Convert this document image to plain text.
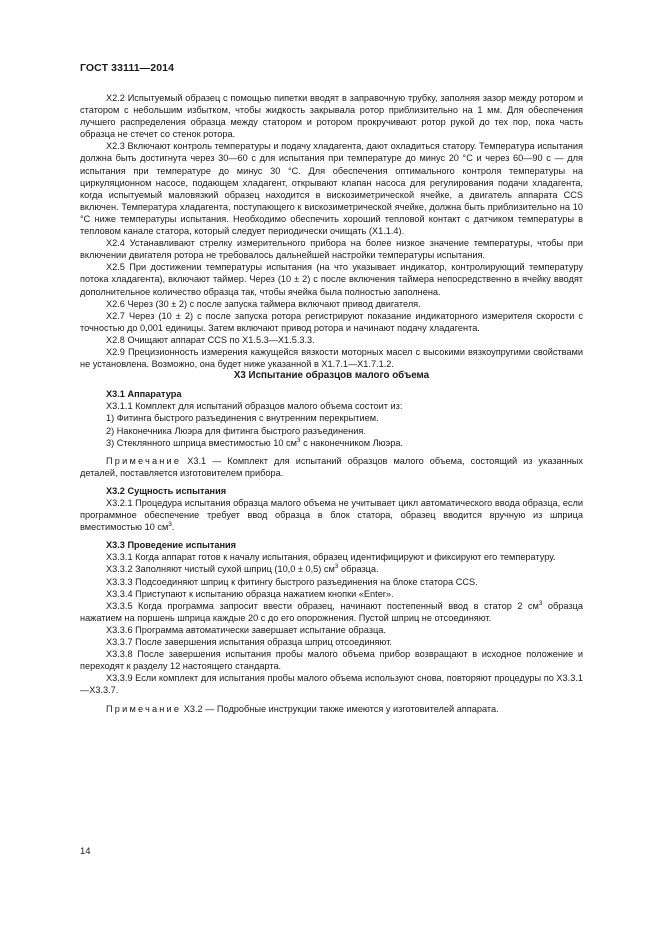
ГОСТ 33111—2014

X2.2 Испытуемый образец с помощью пипетки вводят в заправочную трубку, заполняя зазор между ротором и статором с небольшим избытком, чтобы жидкость закрывала ротор приблизительно на 1 мм. Для обеспечения лучшего распределения образца между статором и ротором прокручивают ротор рукой до тех пор, пока часть образца не стечет со стенок ротора.

X2.3 Включают контроль температуры и подачу хладагента, дают охладиться статору. Температура испытания должна быть достигнута через 30—60 с для испытания при температуре до минус 20 °C и через 60—90 с — для испытания при температуре до минус 30 °C. Для обеспечения оптимального контроля температуры на циркуляционном насосе, подающем хладагент, открывают клапан насоса для регулирования подачи хладагента, когда испытуемый маловязкий образец находится в вискозиметрической ячейке, а двигатель аппарата CCS включен. Температура хладагента, поступающего к вискозиметрической ячейке, должна быть приблизительно на 10 °C ниже температуры испытания. Необходимо обеспечить хороший тепловой контакт с датчиком температуры в тепловом канале статора, который следует периодически очищать (X1.1.4).

X2.4 Устанавливают стрелку измерительного прибора на более низкое значение температуры, чтобы при включении двигателя ротора не требовалось дальнейшей настройки температуры испытания.

X2.5 При достижении температуры испытания (на что указывает индикатор, контролирующий температуру потока хладагента), включают таймер. Через (10 ± 2) с после включения таймера непосредственно в ячейку вводят дополнительное количество образца так, чтобы ячейка была полностью заполнена.

X2.6 Через (30 ± 2) с после запуска таймера включают привод двигателя.

X2.7 Через (10 ± 2) с после запуска ротора регистрируют показание индикаторного измерителя скорости с точностью до 0,001 единицы. Затем включают привод ротора и начинают подачу хладагента.

X2.8 Очищают аппарат CCS по X1.5.3—X1.5.3.3.

X2.9 Прецизионность измерения кажущейся вязкости моторных масел с высокими вязкоупругими свойствами не установлена. Возможно, она будет нижe указанной в X1.7.1—X1.7.1.2.

X3 Испытание образцов малого объема

X3.1 Аппаратура

X3.1.1 Комплект для испытаний образцов малого объема состоит из:

1) Фитинга быстрого разъединения с внутренним перекрытием.

2) Наконечника Люэра для фитинга быстрого разъединения.

3) Стеклянного шприца вместимостью 10 $см^3$ с наконечником Люэра.

Примечание X3.1 — Комплект для испытаний образцов малого объема, состоящий из указанных деталей, поставляется изготовителем прибора.

X3.2 Сущность испытания

X3.2.1 Процедура испытания образца малого объема не учитывает цикл автоматического ввода образца, если программное обеспечение требует ввод образца в блок статора, образец вводится вручную из шприца вместимостью 10 $см^3$.

X3.3 Проведение испытания

X3.3.1 Когда аппарат готов к началу испытания, образец идентифицируют и фиксируют его температуру.

X3.3.2 Заполняют чистый сухой шприц (10,0 ± 0,5) $см^3$ образца.

X3.3.3 Подсоединяют шприц к фитингу быстрого разъединения на блоке статора CCS.

X3.3.4 Приступают к испытанию образца нажатием кнопки «Enter».

X3.3.5 Когда программа запросит ввести образец, начинают постепенный ввод в статор 2 $см^3$ образца нажатием на поршень шприца каждые 20 с до его опорожнения. Пустой шприц не отсоединяют.

X3.3.6 Программа автоматически завершает испытание образца.

X3.3.7 После завершения испытания образца шприц отсоединяют.

X3.3.8 После завершения испытания пробы малого объема прибор возвращают в исходное положение и переходят к разделу 12 настоящего стандарта.

X3.3.9 Если комплект для испытания пробы малого объема используют снова, повторяют процедуры по X3.3.1—X3.3.7.

Примечание X3.2 — Подробные инструкции также имеются у изготовителей аппарата.

14
